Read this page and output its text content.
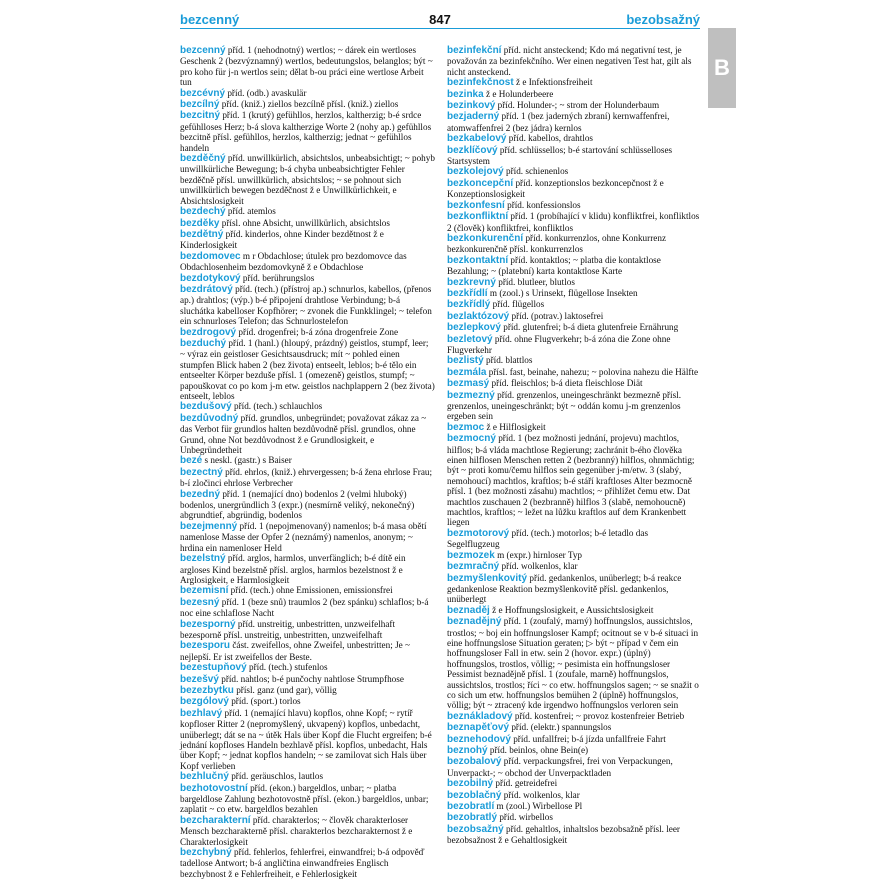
bezcenný	847	bezobsažný
B

bezcenný příd. 1 (nehodnotný) wertlos; ~ dárek ein wertloses Geschenk 2 (bezvýznamný) wertlos, bedeutungslos, belanglos; být ~ pro koho für j-n wertlos sein; dělat b-ou práci eine wertlose Arbeit tun

bezcévný příd. (odb.) avaskulär

bezcílný příd. (kniž.) ziellos bezcílně přísl. (kniž.) ziellos

bezcitný příd. 1 (krutý) gefühllos, herzlos, kaltherzig; b-é srdce gefühlloses Herz; b-á slova kaltherzige Worte 2 (nohy ap.) gefühllos bezcitně přísl. gefühllos, herzlos, kaltherzig; jednat ~ gefühllos handeln

bezděčný příd. unwillkürlich, absichtslos, unbeabsichtigt; ~ pohyb unwillkürliche Bewegung; b-á chyba unbeabsichtigter Fehler bezděčně přísl. unwillkürlich, absichtslos; ~ se pohnout sich unwillkürlich bewegen bezděčnost ž e Unwillkürlichkeit, e Absichtslosigkeit

bezdechý příd. atemlos

bezděky přísl. ohne Absicht, unwillkürlich, absichtslos

bezdětný příd. kinderlos, ohne Kinder bezdětnost ž e Kinderlosigkeit

bezdomovec m r Obdachlose; útulek pro bezdomovce das Obdachlosenheim bezdomovkyně ž e Obdachlose

bezdotykový příd. berührungslos

bezdrátový příd. (tech.) (přístroj ap.) schnurlos, kabellos, (přenos ap.) drahtlos; (výp.) b-é připojení drahtlose Verbindung; b-á sluchátka kabelloser Kopfhörer; ~ zvonek die Funkklingel; ~ telefon ein schnurloses Telefon; das Schnurlostelefon

bezdrogový příd. drogenfrei; b-á zóna drogenfreie Zone

bezduchý příd. 1 (hanl.) (hloupý, prázdný) geistlos, stumpf, leer; ~ výraz ein geistloser Gesichtsausdruck; mít ~ pohled einen stumpfen Blick haben 2 (bez života) entseelt, leblos; b-é tělo ein entseelter Körper bezduše přísl. 1 (omezeně) geistlos, stumpf; ~ papouškovat co po kom j-m etw. geistlos nachplappern 2 (bez života) entseelt, leblos

bezdušový příd. (tech.) schlauchlos

bezdůvodný příd. grundlos, unbegründet; považovat zákaz za ~ das Verbot für grundlos halten bezdůvodně přísl. grundlos, ohne Grund, ohne Not bezdůvodnost ž e Grundlosigkeit, e Unbegründetheit

bezé s neskl. (gastr.) s Baiser

bezectný příd. ehrlos, (kniž.) ehrvergessen; b-á žena ehrlose Frau; b-í zločinci ehrlose Verbrecher

bezedný příd. 1 (nemající dno) bodenlos 2 (velmi hluboký) bodenlos, unergründlich 3 (expr.) (nesmírně veliký, nekonečný) abgrundtief, abgründig, bodenlos

bezejmenný příd. 1 (nepojmenovaný) namenlos; b-á masa obětí namenlose Masse der Opfer 2 (neznámý) namenlos, anonym; ~ hrdina ein namenloser Held

bezelstný příd. arglos, harmlos, unverfänglich; b-é dítě ein argloses Kind bezelstně přísl. arglos, harmlos bezelstnost ž e Arglosigkeit, e Harmlosigkeit

bezemisní příd. (tech.) ohne Emissionen, emissionsfrei

bezesný příd. 1 (beze snů) traumlos 2 (bez spánku) schlaflos; b-á noc eine schlaflose Nacht

bezesporný příd. unstreitig, unbestritten, unzweifelhaft bezesporně přísl. unstreitig, unbestritten, unzweifelhaft

bezesporu část. zweifellos, ohne Zweifel, unbestritten; Je ~ nejlepší. Er ist zweifellos der Beste.

bezestupňový příd. (tech.) stufenlos

bezešvý příd. nahtlos; b-é punčochy nahtlose Strumpfhose

bezezbytku přísl. ganz (und gar), völlig

bezgólový příd. (sport.) torlos

bezhlavý příd. 1 (nemající hlavu) kopflos, ohne Kopf; ~ rytíř kopfloser Ritter 2 (nepromyšlený, ukvapený) kopflos, unbedacht, unüberlegt; dát se na ~ útěk Hals über Kopf die Flucht ergreifen; b-é jednání kopfloses Handeln bezhlavě přísl. kopflos, unbedacht, Hals über Kopf; ~ jednat kopflos handeln; ~ se zamilovat sich Hals über Kopf verlieben

bezhlučný příd. geräuschlos, lautlos

bezhotovostní příd. (ekon.) bargeldlos, unbar; ~ platba bargeldlose Zahlung bezhotovostně přísl. (ekon.) bargeldlos, unbar; zaplatit ~ co etw. bargeldlos bezahlen

bezcharakterní příd. charakterlos; ~ člověk charakterloser Mensch bezcharakterně přísl. charakterlos bezcharakternost ž e Charakterlosigkeit

bezchybný příd. fehlerlos, fehlerfrei, einwandfrei; b-á odpověď tadellose Antwort; b-á angličtina einwandfreies Englisch bezchybnost ž e Fehlerfreiheit, e Fehlerlosigkeit

bezinfekční příd. nicht ansteckend; Kdo má negativní test, je považován za bezinfekčního. Wer einen negativen Test hat, gilt als nicht ansteckend.

bezinfekčnost ž e Infektionsfreiheit

bezinka ž e Holunderbeere

bezinkový příd. Holunder-; ~ strom der Holunderbaum

bezjaderný příd. 1 (bez jaderných zbraní) kernwaffenfrei, atomwaffenfrei 2 (bez jádra) kernlos

bezkabelový příd. kabellos, drahtlos

bezklíčový příd. schlüssellos; b-é startování schlüsselloses Startsystem

bezkolejový příd. schienenlos

bezkoncepční příd. konzeptionslos bezkoncepčnost ž e Konzeptionslosigkeit

bezkonfesní příd. konfessionslos

bezkonfliktní příd. 1 (probíhající v klidu) konfliktfrei, konfliktlos 2 (člověk) konfliktfrei, konfliktlos

bezkonkurenční příd. konkurrenzlos, ohne Konkurrenz bezkonkurenčně přísl. konkurrenzlos

bezkontaktní příd. kontaktlos; ~ platba die kontaktlose Bezahlung; ~ (platební) karta kontaktlose Karte

bezkrevný příd. blutleer, blutlos

bezkřídlí m (zool.) s Urinsekt, flügellose Insekten

bezkřídlý příd. flügellos

bezlaktózový příd. (potrav.) laktosefrei

bezlepkový příd. glutenfrei; b-á dieta glutenfreie Ernährung

bezletový příd. ohne Flugverkehr; b-á zóna die Zone ohne Flugverkehr

bezlistý příd. blattlos

bezmála přísl. fast, beinahe, nahezu; ~ polovina nahezu die Hälfte

bezmasý příd. fleischlos; b-á dieta fleischlose Diät

bezmezný příd. grenzenlos, uneingeschränkt bezmezně přísl. grenzenlos, uneingeschränkt; být ~ oddán komu j-m grenzenlos ergeben sein

bezmoc ž e Hilflosigkeit

bezmocný příd. 1 (bez možnosti jednání, projevu) machtlos, hilflos; b-á vláda machtlose Regierung; zachránit b-ého člověka einen hilflosen Menschen retten 2 (bezbranný) hilflos, ohnmächtig; být ~ proti komu/čemu hilflos sein gegenüber j-m/etw. 3 (slabý, nemohoucí) machtlos, kraftlos; b-é stáří kraftloses Alter bezmocně přísl. 1 (bez možnosti zásahu) machtlos; ~ přihlížet čemu etw. Dat machtlos zuschauen 2 (bezbranně) hilflos 3 (slabě, nemohoucně) machtlos, kraftlos; ~ ležet na lůžku kraftlos auf dem Krankenbett liegen

bezmotorový příd. (tech.) motorlos; b-é letadlo das Segelflugzeug

bezmozek m (expr.) hirnloser Typ

bezmračný příd. wolkenlos, klar

bezmyšlenkovitý příd. gedankenlos, unüberlegt; b-á reakce gedankenlose Reaktion bezmyšlenkovitě přísl. gedankenlos, unüberlegt

beznaděj ž e Hoffnungslosigkeit, e Aussichtslosigkeit

beznadějný příd. 1 (zoufalý, marný) hoffnungslos, aussichtslos, trostlos; ~ boj ein hoffnungsloser Kampf; ocitnout se v b-é situaci in eine hoffnungslose Situation geraten; ▷ být ~ případ v čem ein hoffnungsloser Fall in etw. sein 2 (hovor. expr.) (úplný) hoffnungslos, trostlos, völlig; ~ pesimista ein hoffnungsloser Pessimist beznadějně přísl. 1 (zoufale, marně) hoffnungslos, aussichtslos, trostlos; říci ~ co etw. hoffnungslos sagen; ~ se snažit o co sich um etw. hoffnungslos bemühen 2 (úplně) hoffnungslos, völlig; být ~ ztracený kde irgendwo hoffnungslos verloren sein

beznákladový příd. kostenfrei; ~ provoz kostenfreier Betrieb

beznapěťový příd. (elektr.) spannungslos

beznehodový příd. unfallfrei; b-á jízda unfallfreie Fahrt

beznohý příd. beinlos, ohne Bein(e)

bezobalový příd. verpackungsfrei, frei von Verpackungen, Unverpackt-; ~ obchod der Unverpacktladen

bezobilný příd. getreidefrei

bezoblačný příd. wolkenlos, klar

bezobratlí m (zool.) Wirbellose Pl

bezobratlý příd. wirbellos

bezobsažný příd. gehaltlos, inhaltslos bezobsažně přísl. leer bezobsažnost ž e Gehaltlosigkeit
